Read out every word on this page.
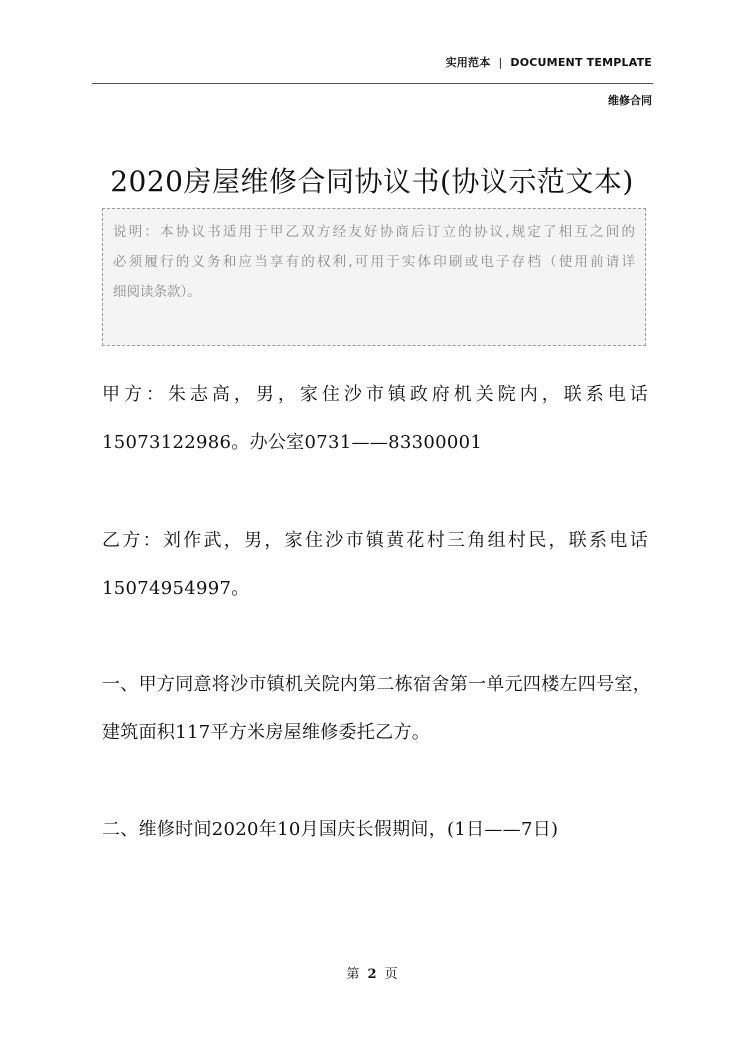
实用范本 | DOCUMENT TEMPLATE
维修合同
2020房屋维修合同协议书(协议示范文本)
说明：本协议书适用于甲乙双方经友好协商后订立的协议,规定了相互之间的
必须履行的义务和应当享有的权利,可用于实体印刷或电子存档（使用前请详
细阅读条款）。
甲方：朱志高，男，家住沙市镇政府机关院内，联系电话
15073122986。办公室0731——83300001
乙方：刘作武，男，家住沙市镇黄花村三角组村民，联系电话
15074954997。
一、甲方同意将沙市镇机关院内第二栋宿舍第一单元四楼左四号室，
建筑面积117平方米房屋维修委托乙方。
二、维修时间2020年10月国庆长假期间，(1日——7日)
第 2 页
